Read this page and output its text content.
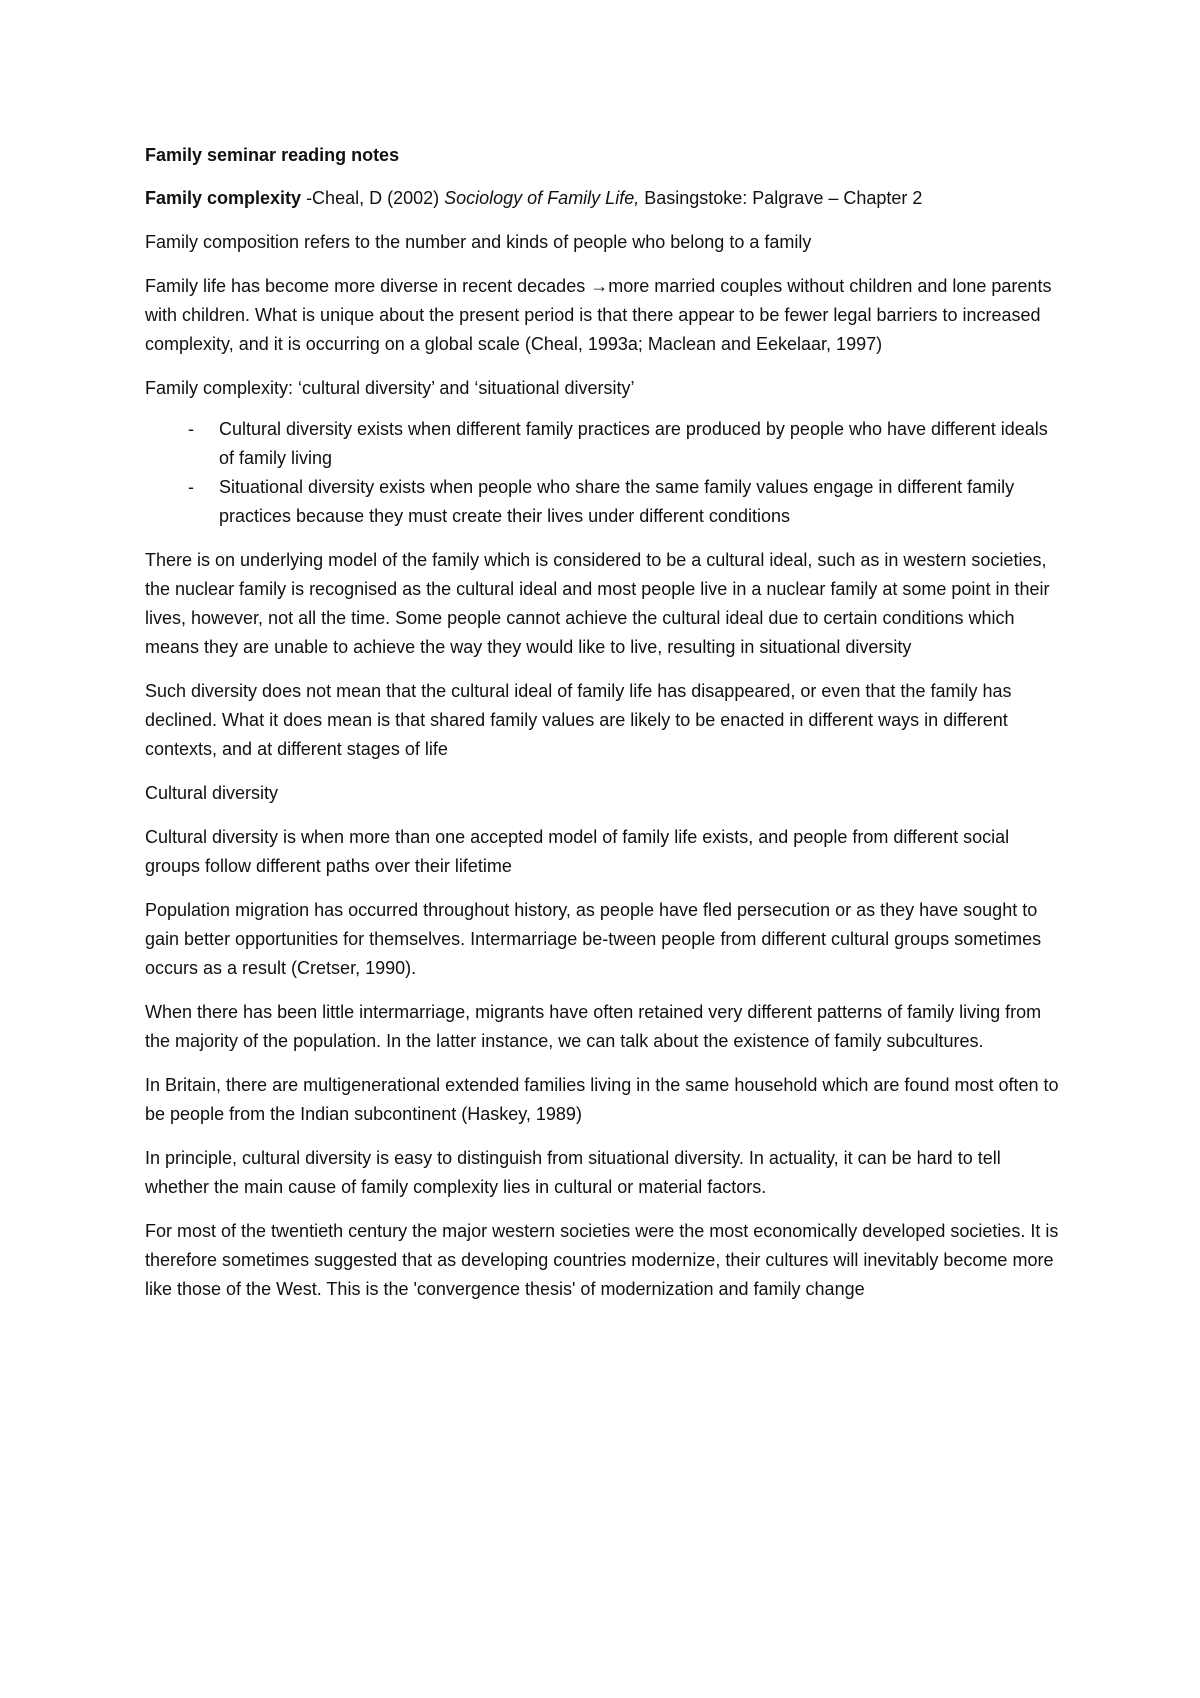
Family seminar reading notes

Family complexity -Cheal, D (2002) Sociology of Family Life, Basingstoke: Palgrave – Chapter 2

Family composition refers to the number and kinds of people who belong to a family

Family life has become more diverse in recent decades →more married couples without children and lone parents with children. What is unique about the present period is that there appear to be fewer legal barriers to increased complexity, and it is occurring on a global scale (Cheal, 1993a; Maclean and Eekelaar, 1997)

Family complexity: ‘cultural diversity’ and ‘situational diversity’

- Cultural diversity exists when different family practices are produced by people who have different ideals of family living
- Situational diversity exists when people who share the same family values engage in different family practices because they must create their lives under different conditions

There is on underlying model of the family which is considered to be a cultural ideal, such as in western societies, the nuclear family is recognised as the cultural ideal and most people live in a nuclear family at some point in their lives, however, not all the time. Some people cannot achieve the cultural ideal due to certain conditions which means they are unable to achieve the way they would like to live, resulting in situational diversity

Such diversity does not mean that the cultural ideal of family life has disappeared, or even that the family has declined. What it does mean is that shared family values are likely to be enacted in different ways in different contexts, and at different stages of life

Cultural diversity

Cultural diversity is when more than one accepted model of family life exists, and people from different social groups follow different paths over their lifetime

Population migration has occurred throughout history, as people have fled persecution or as they have sought to gain better opportunities for themselves. Intermarriage be-tween people from different cultural groups sometimes occurs as a result (Cretser, 1990).

When there has been little intermarriage, migrants have often retained very different patterns of family living from the majority of the population. In the latter instance, we can talk about the existence of family subcultures.

In Britain, there are multigenerational extended families living in the same household which are found most often to be people from the Indian subcontinent (Haskey, 1989)

In principle, cultural diversity is easy to distinguish from situational diversity. In actuality, it can be hard to tell whether the main cause of family complexity lies in cultural or material factors.

For most of the twentieth century the major western societies were the most economically developed societies. It is therefore sometimes suggested that as developing countries modernize, their cultures will inevitably become more like those of the West. This is the 'convergence thesis' of modernization and family change
